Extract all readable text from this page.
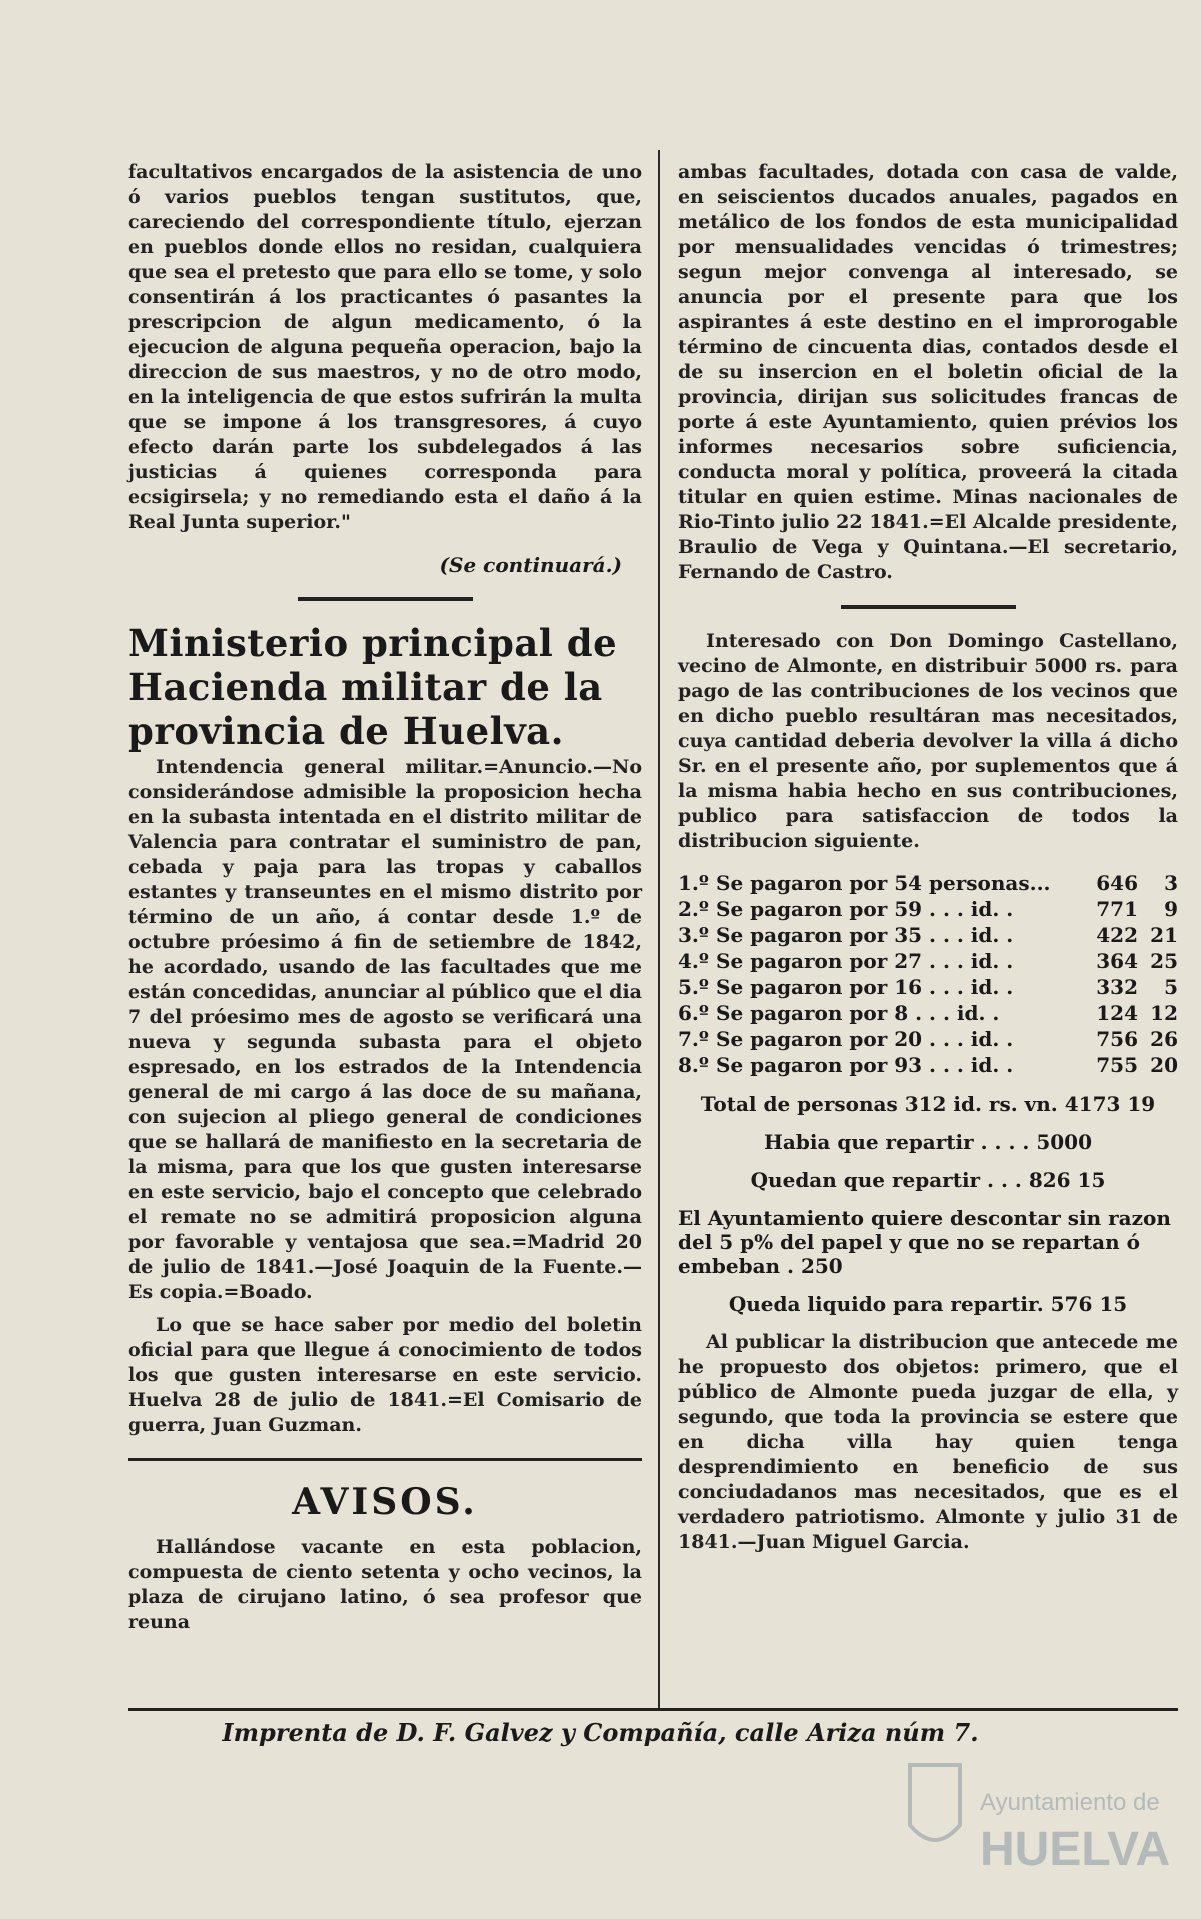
facultativos encargados de la asistencia de uno ó varios pueblos tengan sustitutos, que, careciendo del correspondiente título, ejerzan en pueblos donde ellos no residan, cualquiera que sea el pretesto que para ello se tome, y solo consentirán á los practicantes ó pasantes la prescripcion de algun medicamento, ó la ejecucion de alguna pequeña operacion, bajo la direccion de sus maestros, y no de otro modo, en la inteligencia de que estos sufrirán la multa que se impone á los transgresores, á cuyo efecto darán parte los subdelegados á las justicias á quienes corresponda para ecsigirsela; y no remediando esta el daño á la Real Junta superior."

(Se continuará.)
Ministerio principal de Hacienda militar de la provincia de Huelva.

Intendencia general militar.=Anuncio.—No considerándose admisible la proposicion hecha en la subasta intentada en el distrito militar de Valencia para contratar el suministro de pan, cebada y paja para las tropas y caballos estantes y transeuntes en el mismo distrito por término de un año, á contar desde 1.º de octubre próesimo á fin de setiembre de 1842, he acordado, usando de las facultades que me están concedidas, anunciar al público que el dia 7 del próesimo mes de agosto se verificará una nueva y segunda subasta para el objeto espresado, en los estrados de la Intendencia general de mi cargo á las doce de su mañana, con sujecion al pliego general de condiciones que se hallará de manifiesto en la secretaria de la misma, para que los que gusten interesarse en este servicio, bajo el concepto que celebrado el remate no se admitirá proposicion alguna por favorable y ventajosa que sea.=Madrid 20 de julio de 1841.—José Joaquin de la Fuente.—Es copia.=Boado.

Lo que se hace saber por medio del boletin oficial para que llegue á conocimiento de todos los que gusten interesarse en este servicio. Huelva 28 de julio de 1841.=El Comisario de guerra, Juan Guzman.

AVISOS.

Hallándose vacante en esta poblacion, compuesta de ciento setenta y ocho vecinos, la plaza de cirujano latino, ó sea profesor que reuna

ambas facultades, dotada con casa de valde, en seiscientos ducados anuales, pagados en metálico de los fondos de esta municipalidad por mensualidades vencidas ó trimestres; segun mejor convenga al interesado, se anuncia por el presente para que los aspirantes á este destino en el improrogable término de cincuenta dias, contados desde el de su insercion en el boletin oficial de la provincia, dirijan sus solicitudes francas de porte á este Ayuntamiento, quien prévios los informes necesarios sobre suficiencia, conducta moral y política, proveerá la citada titular en quien estime. Minas nacionales de Rio-Tinto julio 22 1841.=El Alcalde presidente, Braulio de Vega y Quintana.—El secretario, Fernando de Castro.

Interesado con Don Domingo Castellano, vecino de Almonte, en distribuir 5000 rs. para pago de las contribuciones de los vecinos que en dicho pueblo resultáran mas necesitados, cuya cantidad deberia devolver la villa á dicho Sr. en el presente año, por suplementos que á la misma habia hecho en sus contribuciones, publico para satisfaccion de todos la distribucion siguiente.

1.º	Se pagaron por 54 personas...	646	3
2.º	Se pagaron por 59 . . . id. .	771	9
3.º	Se pagaron por 35 . . . id. .	422	21
4.º	Se pagaron por 27 . . . id. .	364	25
5.º	Se pagaron por 16 . . . id. .	332	5
6.º	Se pagaron por 8 . . . id. .	124	12
7.º	Se pagaron por 20 . . . id. .	756	26
8.º	Se pagaron por 93 . . . id. .	755	20
Total de personas 312 id. rs. vn. 4173 19
Habia que repartir . . . . 5000
Quedan que repartir . . . 826 15
El Ayuntamiento quiere descontar sin razon del 5 p% del papel y que no se repartan ó embeban . 250
Queda liquido para repartir. 576 15

Al publicar la distribucion que antecede me he propuesto dos objetos: primero, que el público de Almonte pueda juzgar de ella, y segundo, que toda la provincia se estere que en dicha villa hay quien tenga desprendimiento en beneficio de sus conciudadanos mas necesitados, que es el verdadero patriotismo. Almonte y julio 31 de 1841.—Juan Miguel Garcia.

Imprenta de D. F. Galvez y Compañía, calle Ariza núm 7.
Ayuntamiento de
HUELVA
